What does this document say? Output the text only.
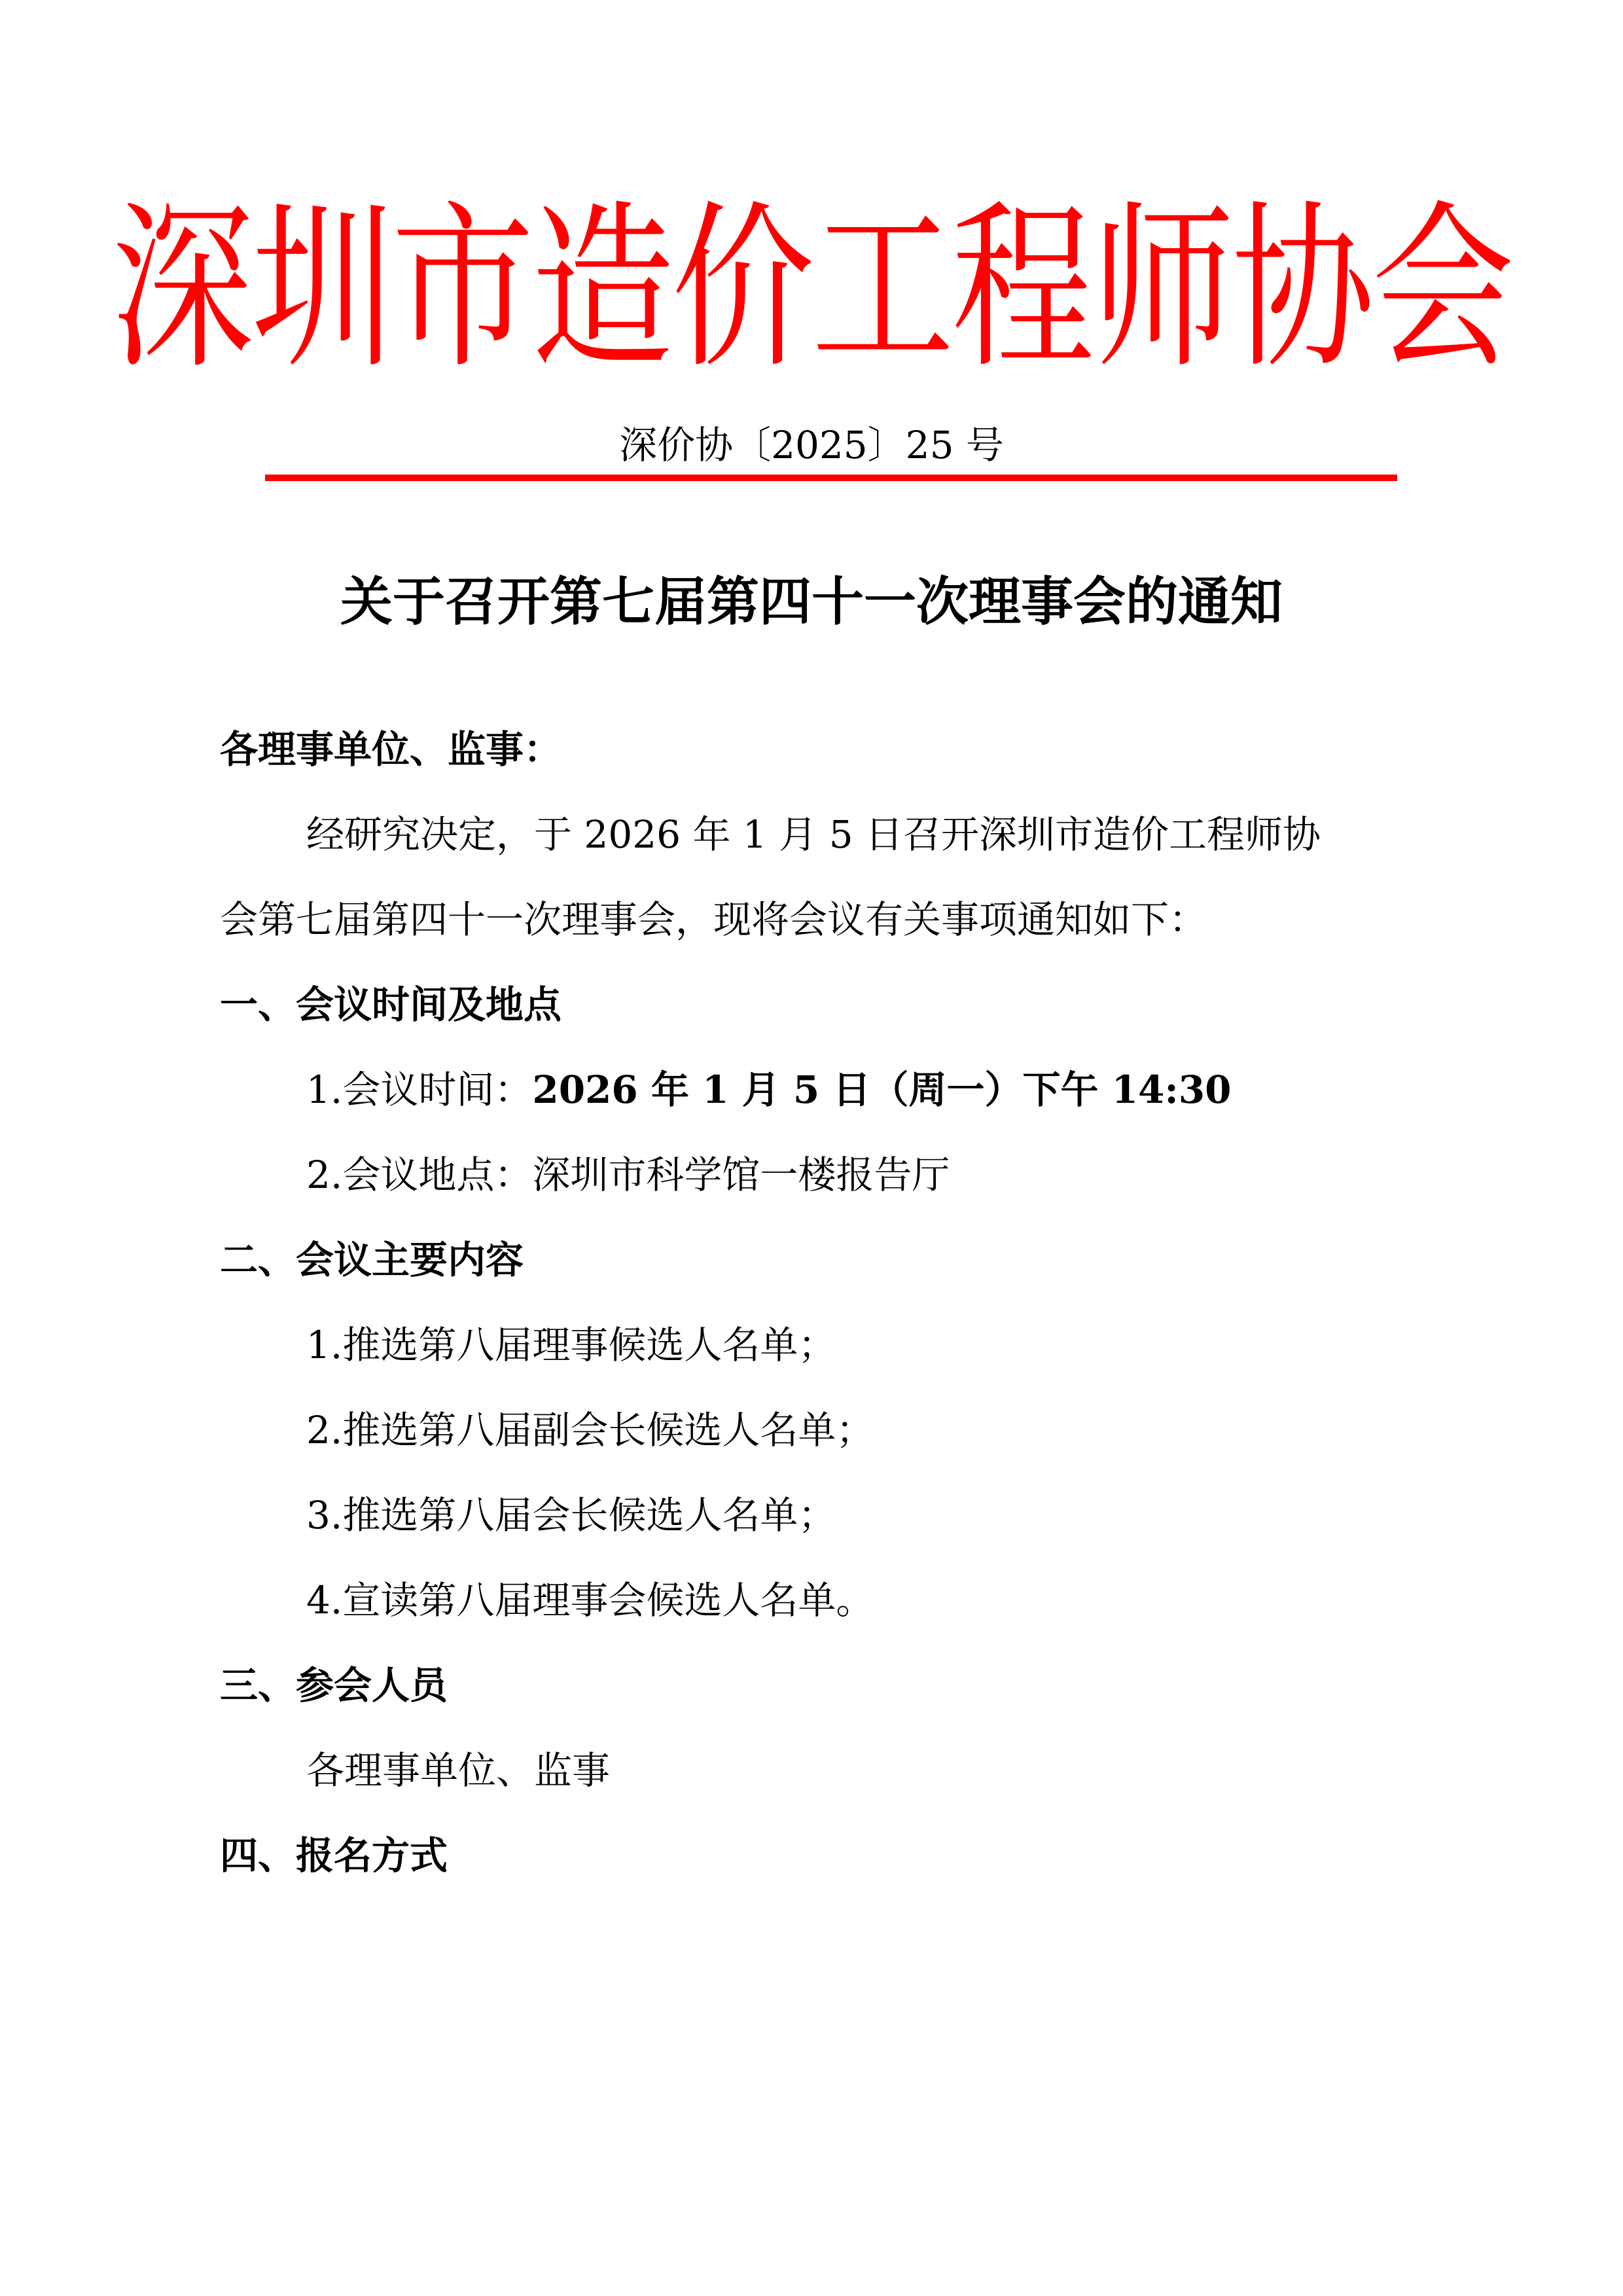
深圳市造价工程师协会
深价协〔2025〕25 号
关于召开第七届第四十一次理事会的通知
各理事单位、监事：
经研究决定，于 2026 年 1 月 5 日召开深圳市造价工程师协
会第七届第四十一次理事会，现将会议有关事项通知如下：
一、会议时间及地点
1.会议时间：2026 年 1 月 5 日（周一）下午 14:30
2.会议地点：深圳市科学馆一楼报告厅
二、会议主要内容
1.推选第八届理事候选人名单；
2.推选第八届副会长候选人名单；
3.推选第八届会长候选人名单；
4.宣读第八届理事会候选人名单。
三、参会人员
各理事单位、监事
四、报名方式
